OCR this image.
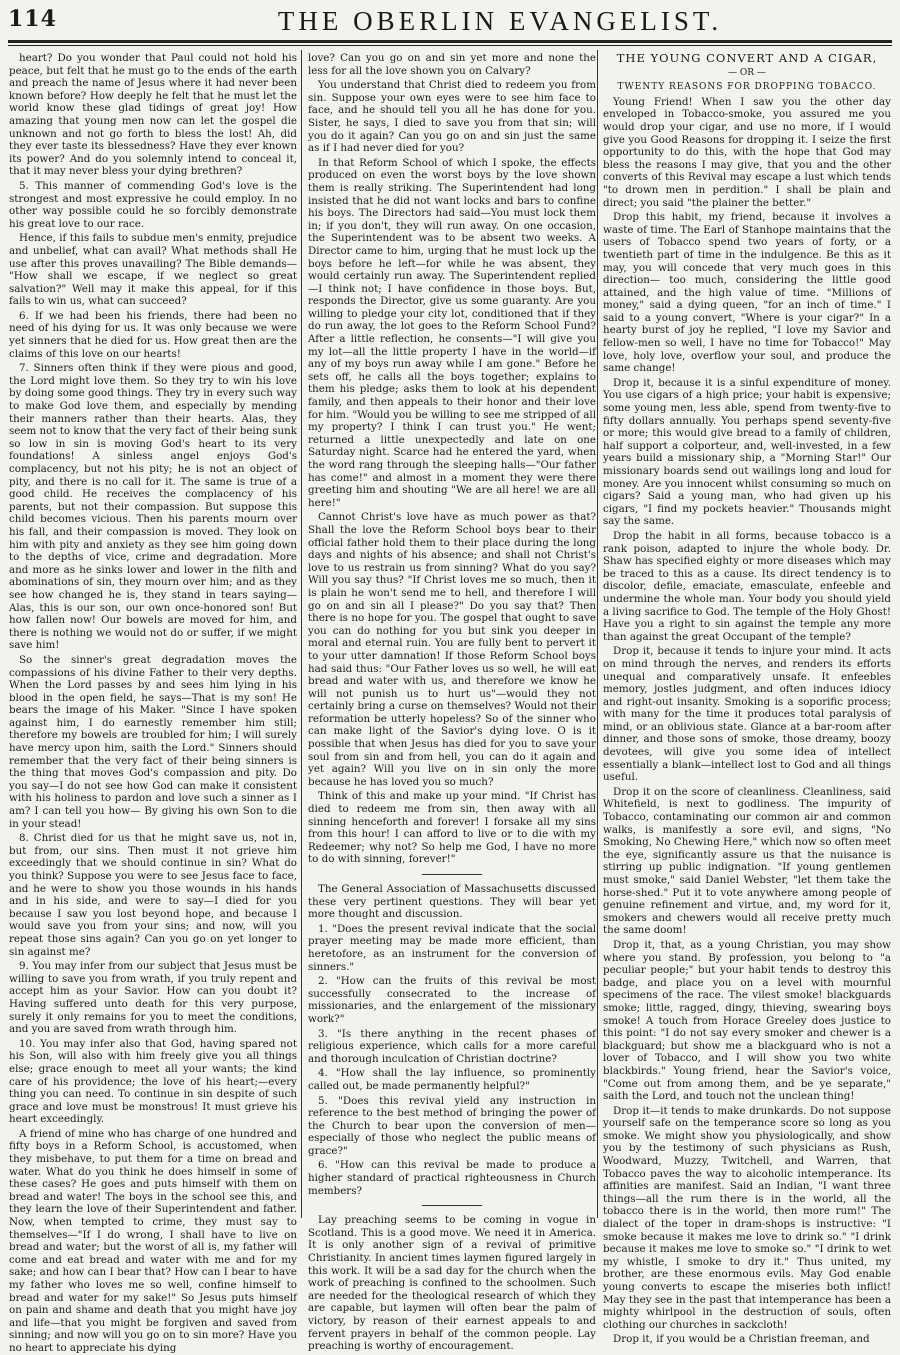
114	THE OBERLIN EVANGELIST.

heart? Do you wonder that Paul could not hold his peace, but felt that he must go to the ends of the earth and preach the name of Jesus where it had never been known before? How deeply he felt that he must let the world know these glad tidings of great joy! How amazing that young men now can let the gospel die unknown and not go forth to bless the lost! Ah, did they ever taste its blessedness? Have they ever known its power? And do you solemnly intend to conceal it, that it may never bless your dying brethren?

5. This manner of commending God's love is the strongest and most expressive he could employ. In no other way possible could he so forcibly demonstrate his great love to our race.

Hence, if this fails to subdue men's enmity, prejudice and unbelief, what can avail? What methods shall He use after this proves unavailing? The Bible demands— "How shall we escape, if we neglect so great salvation?" Well may it make this appeal, for if this fails to win us, what can succeed?

6. If we had been his friends, there had been no need of his dying for us. It was only because we were yet sinners that he died for us. How great then are the claims of this love on our hearts!

7. Sinners often think if they were pious and good, the Lord might love them. So they try to win his love by doing some good things. They try in every such way to make God love them, and especially by mending their manners rather than their hearts. Alas, they seem not to know that the very fact of their being sunk so low in sin is moving God's heart to its very foundations! A sinless angel enjoys God's complacency, but not his pity; he is not an object of pity, and there is no call for it. The same is true of a good child. He receives the complacency of his parents, but not their compassion. But suppose this child becomes vicious. Then his parents mourn over his fall, and their compassion is moved. They look on him with pity and anxiety as they see him going down to the depths of vice, crime and degradation. More and more as he sinks lower and lower in the filth and abominations of sin, they mourn over him; and as they see how changed he is, they stand in tears saying—Alas, this is our son, our own once-honored son! But how fallen now! Our bowels are moved for him, and there is nothing we would not do or suffer, if we might save him!

So the sinner's great degradation moves the compassions of his divine Father to their very depths. When the Lord passes by and sees him lying in his blood in the open field, he says—That is my son! He bears the image of his Maker. "Since I have spoken against him, I do earnestly remember him still; therefore my bowels are troubled for him; I will surely have mercy upon him, saith the Lord." Sinners should remember that the very fact of their being sinners is the thing that moves God's compassion and pity. Do you say—I do not see how God can make it consistent with his holiness to pardon and love such a sinner as I am? I can tell you how— By giving his own Son to die in your stead!

8. Christ died for us that he might save us, not in, but from, our sins. Then must it not grieve him exceedingly that we should continue in sin? What do you think? Suppose you were to see Jesus face to face, and he were to show you those wounds in his hands and in his side, and were to say—I died for you because I saw you lost beyond hope, and because I would save you from your sins; and now, will you repeat those sins again? Can you go on yet longer to sin against me?

9. You may infer from our subject that Jesus must be willing to save you from wrath, if you truly repent and accept him as your Savior. How can you doubt it? Having suffered unto death for this very purpose, surely it only remains for you to meet the conditions, and you are saved from wrath through him.

10. You may infer also that God, having spared not his Son, will also with him freely give you all things else; grace enough to meet all your wants; the kind care of his providence; the love of his heart;—every thing you can need. To continue in sin despite of such grace and love must be monstrous! It must grieve his heart exceedingly.

A friend of mine who has charge of one hundred and fifty boys in a Reform School, is accustomed, when they misbehave, to put them for a time on bread and water. What do you think he does himself in some of these cases? He goes and puts himself with them on bread and water! The boys in the school see this, and they learn the love of their Superintendent and father. Now, when tempted to crime, they must say to themselves—"If I do wrong, I shall have to live on bread and water; but the worst of all is, my father will come and eat bread and water with me and for my sake; and how can I bear that? How can I bear to have my father who loves me so well, confine himself to bread and water for my sake!" So Jesus puts himself on pain and shame and death that you might have joy and life—that you might be forgiven and saved from sinning; and now will you go on to sin more? Have you no heart to appreciate his dying

love? Can you go on and sin yet more and none the less for all the love shown you on Calvary?

You understand that Christ died to redeem you from sin. Suppose your own eyes were to see him face to face, and he should tell you all he has done for you. Sister, he says, I died to save you from that sin; will you do it again? Can you go on and sin just the same as if I had never died for you?

In that Reform School of which I spoke, the effects produced on even the worst boys by the love shown them is really striking. The Superintendent had long insisted that he did not want locks and bars to confine his boys. The Directors had said—You must lock them in; if you don't, they will run away. On one occasion, the Superintendent was to be absent two weeks. A Director came to him, urging that he must lock up the boys before he left—for while he was absent, they would certainly run away. The Superintendent replied—I think not; I have confidence in those boys. But, responds the Director, give us some guaranty. Are you willing to pledge your city lot, conditioned that if they do run away, the lot goes to the Reform School Fund? After a little reflection, he consents—"I will give you my lot—all the little property I have in the world—if any of my boys run away while I am gone." Before he sets off, he calls all the boys together; explains to them his pledge; asks them to look at his dependent family, and then appeals to their honor and their love for him. "Would you be willing to see me stripped of all my property? I think I can trust you." He went; returned a little unexpectedly and late on one Saturday night. Scarce had he entered the yard, when the word rang through the sleeping halls—"Our father has come!" and almost in a moment they were there greeting him and shouting "We are all here! we are all here!"

Cannot Christ's love have as much power as that? Shall the love the Reform School boys bear to their official father hold them to their place during the long days and nights of his absence; and shall not Christ's love to us restrain us from sinning? What do you say? Will you say thus? "If Christ loves me so much, then it is plain he won't send me to hell, and therefore I will go on and sin all I please?" Do you say that? Then there is no hope for you. The gospel that ought to save you can do nothing for you but sink you deeper in moral and eternal ruin. You are fully bent to pervert it to your utter damnation! If those Reform School boys had said thus: "Our Father loves us so well, he will eat bread and water with us, and therefore we know he will not punish us to hurt us"—would they not certainly bring a curse on themselves? Would not their reformation be utterly hopeless? So of the sinner who can make light of the Savior's dying love. O is it possible that when Jesus has died for you to save your soul from sin and from hell, you can do it again and yet again? Will you live on in sin only the more because he has loved you so much?

Think of this and make up your mind. "If Christ has died to redeem me from sin, then away with all sinning henceforth and forever! I forsake all my sins from this hour! I can afford to live or to die with my Redeemer; why not? So help me God, I have no more to do with sinning, forever!"

The General Association of Massachusetts discussed these very pertinent questions. They will bear yet more thought and discussion.

1. "Does the present revival indicate that the social prayer meeting may be made more efficient, than heretofore, as an instrument for the conversion of sinners."

2. "How can the fruits of this revival be most successfully consecrated to the increase of missionaries, and the enlargement of the missionary work?"

3. "Is there anything in the recent phases of religious experience, which calls for a more careful and thorough inculcation of Christian doctrine?

4. "How shall the lay influence, so prominently called out, be made permanently helpful?"

5. "Does this revival yield any instruction in reference to the best method of bringing the power of the Church to bear upon the conversion of men—especially of those who neglect the public means of grace?"

6. "How can this revival be made to produce a higher standard of practical righteousness in Church members?

Lay preaching seems to be coming in vogue in Scotland. This is a good move. We need it in America. It is only another sign of a revival of primitive Christianity. In ancient times laymen figured largely in this work. It will be a sad day for the church when the work of preaching is confined to the schoolmen. Such are needed for the theological research of which they are capable, but laymen will often bear the palm of victory, by reason of their earnest appeals to and fervent prayers in behalf of the common people. Lay preaching is worthy of encouragement.

THE YOUNG CONVERT AND A CIGAR,

— OR —

TWENTY REASONS FOR DROPPING TOBACCO.

Young Friend! When I saw you the other day enveloped in Tobacco-smoke, you assured me you would drop your cigar, and use no more, if I would give you Good Reasons for dropping it. I seize the first opportunity to do this, with the hope that God may bless the reasons I may give, that you and the other converts of this Revival may escape a lust which tends "to drown men in perdition." I shall be plain and direct; you said "the plainer the better."

Drop this habit, my friend, because it involves a waste of time. The Earl of Stanhope maintains that the users of Tobacco spend two years of forty, or a twentieth part of time in the indulgence. Be this as it may, you will concede that very much goes in this direction— too much, considering the little good attained, and the high value of time. "Millions of money," said a dying queen, "for an inch of time." I said to a young convert, "Where is your cigar?" In a hearty burst of joy he replied, "I love my Savior and fellow-men so well, I have no time for Tobacco!" May love, holy love, overflow your soul, and produce the same change!

Drop it, because it is a sinful expenditure of money. You use cigars of a high price; your habit is expensive; some young men, less able, spend from twenty-five to fifty dollars annually. You perhaps spend seventy-five or more; this would give bread to a family of children, half support a colporteur, and, well-invested, in a few years build a missionary ship, a "Morning Star!" Our missionary boards send out wailings long and loud for money. Are you innocent whilst consuming so much on cigars? Said a young man, who had given up his cigars, "I find my pockets heavier." Thousands might say the same.

Drop the habit in all forms, because tobacco is a rank poison, adapted to injure the whole body. Dr. Shaw has specified eighty or more diseases which may be traced to this as a cause. Its direct tendency is to discolor, defile, emaciate, emasculate, enfeeble and undermine the whole man. Your body you should yield a living sacrifice to God. The temple of the Holy Ghost! Have you a right to sin against the temple any more than against the great Occupant of the temple?

Drop it, because it tends to injure your mind. It acts on mind through the nerves, and renders its efforts unequal and comparatively unsafe. It enfeebles memory, jostles judgment, and often induces idiocy and right-out insanity. Smoking is a soporific process; with many for the time it produces total paralysis of mind, or an oblivious state. Glance at a bar-room after dinner, and those sons of smoke, those dreamy, boozy devotees, will give you some idea of intellect essentially a blank—intellect lost to God and all things useful.

Drop it on the score of cleanliness. Cleanliness, said Whitefield, is next to godliness. The impurity of Tobacco, contaminating our common air and common walks, is manifestly a sore evil, and signs, "No Smoking, No Chewing Here," which now so often meet the eye, significantly assure us that the nuisance is stirring up public indignation. "If young gentlemen must smoke," said Daniel Webster, "let them take the horse-shed." Put it to vote anywhere among people of genuine refinement and virtue, and, my word for it, smokers and chewers would all receive pretty much the same doom!

Drop it, that, as a young Christian, you may show where you stand. By profession, you belong to "a peculiar people;" but your habit tends to destroy this badge, and place you on a level with mournful specimens of the race. The vilest smoke! blackguards smoke; little, ragged, dingy, thieving, swearing boys smoke! A touch from Horace Greeley does justice to this point: "I do not say every smoker and chewer is a blackguard; but show me a blackguard who is not a lover of Tobacco, and I will show you two white blackbirds." Young friend, hear the Savior's voice, "Come out from among them, and be ye separate," saith the Lord, and touch not the unclean thing!

Drop it—it tends to make drunkards. Do not suppose yourself safe on the temperance score so long as you smoke. We might show you physiologically, and show you by the testimony of such physicians as Rush, Woodward, Muzzy, Twitchell, and Warren, that Tobacco paves the way to alcoholic intemperance. Its affinities are manifest. Said an Indian, "I want three things—all the rum there is in the world, all the tobacco there is in the world, then more rum!" The dialect of the toper in dram-shops is instructive: "I smoke because it makes me love to drink so." "I drink because it makes me love to smoke so." "I drink to wet my whistle, I smoke to dry it." Thus united, my brother, are these enormous evils. May God enable young converts to escape the miseries both inflict! May they see in the past that intemperance has been a mighty whirlpool in the destruction of souls, often clothing our churches in sackcloth!

Drop it, if you would be a Christian freeman, and
